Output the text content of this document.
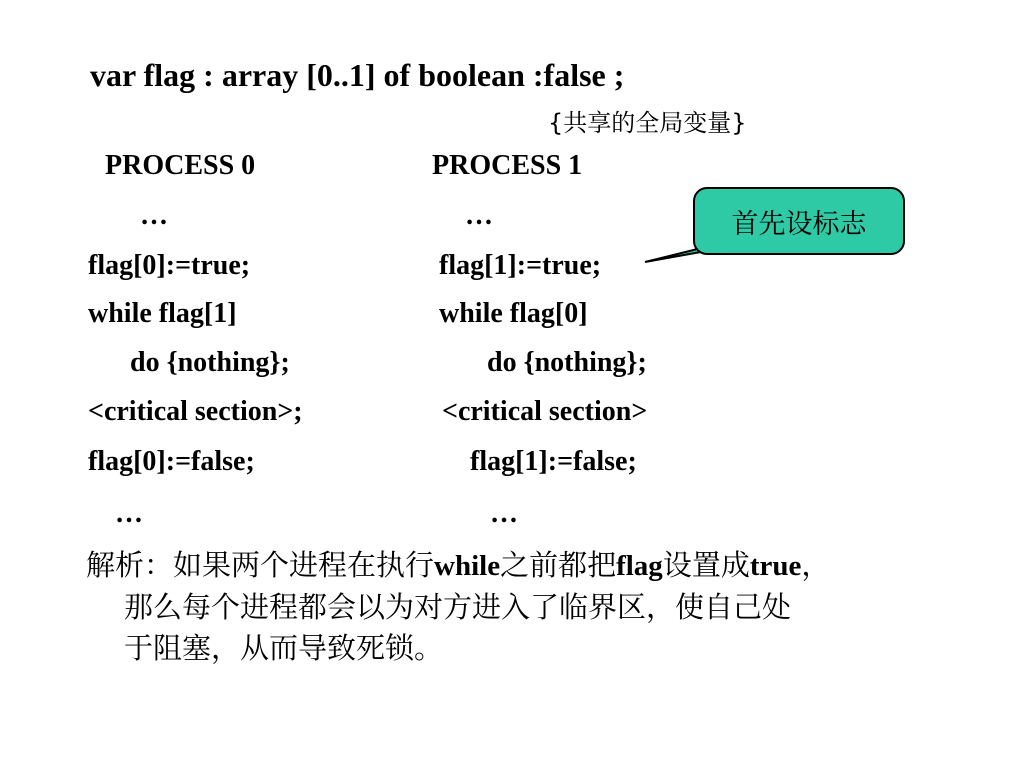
var flag : array [0..1] of boolean :false ;
{共享的全局变量}
PROCESS 0	PROCESS 1
…	…
flag[0]:=true;	flag[1]:=true;
while flag[1]	while flag[0]
do {nothing};	do {nothing};
<critical section>;	<critical section>
flag[0]:=false;	flag[1]:=false;
…	…
首先设标志
解析：如果两个进程在执行while之前都把flag设置成true，
那么每个进程都会以为对方进入了临界区，使自己处
于阻塞，从而导致死锁。
